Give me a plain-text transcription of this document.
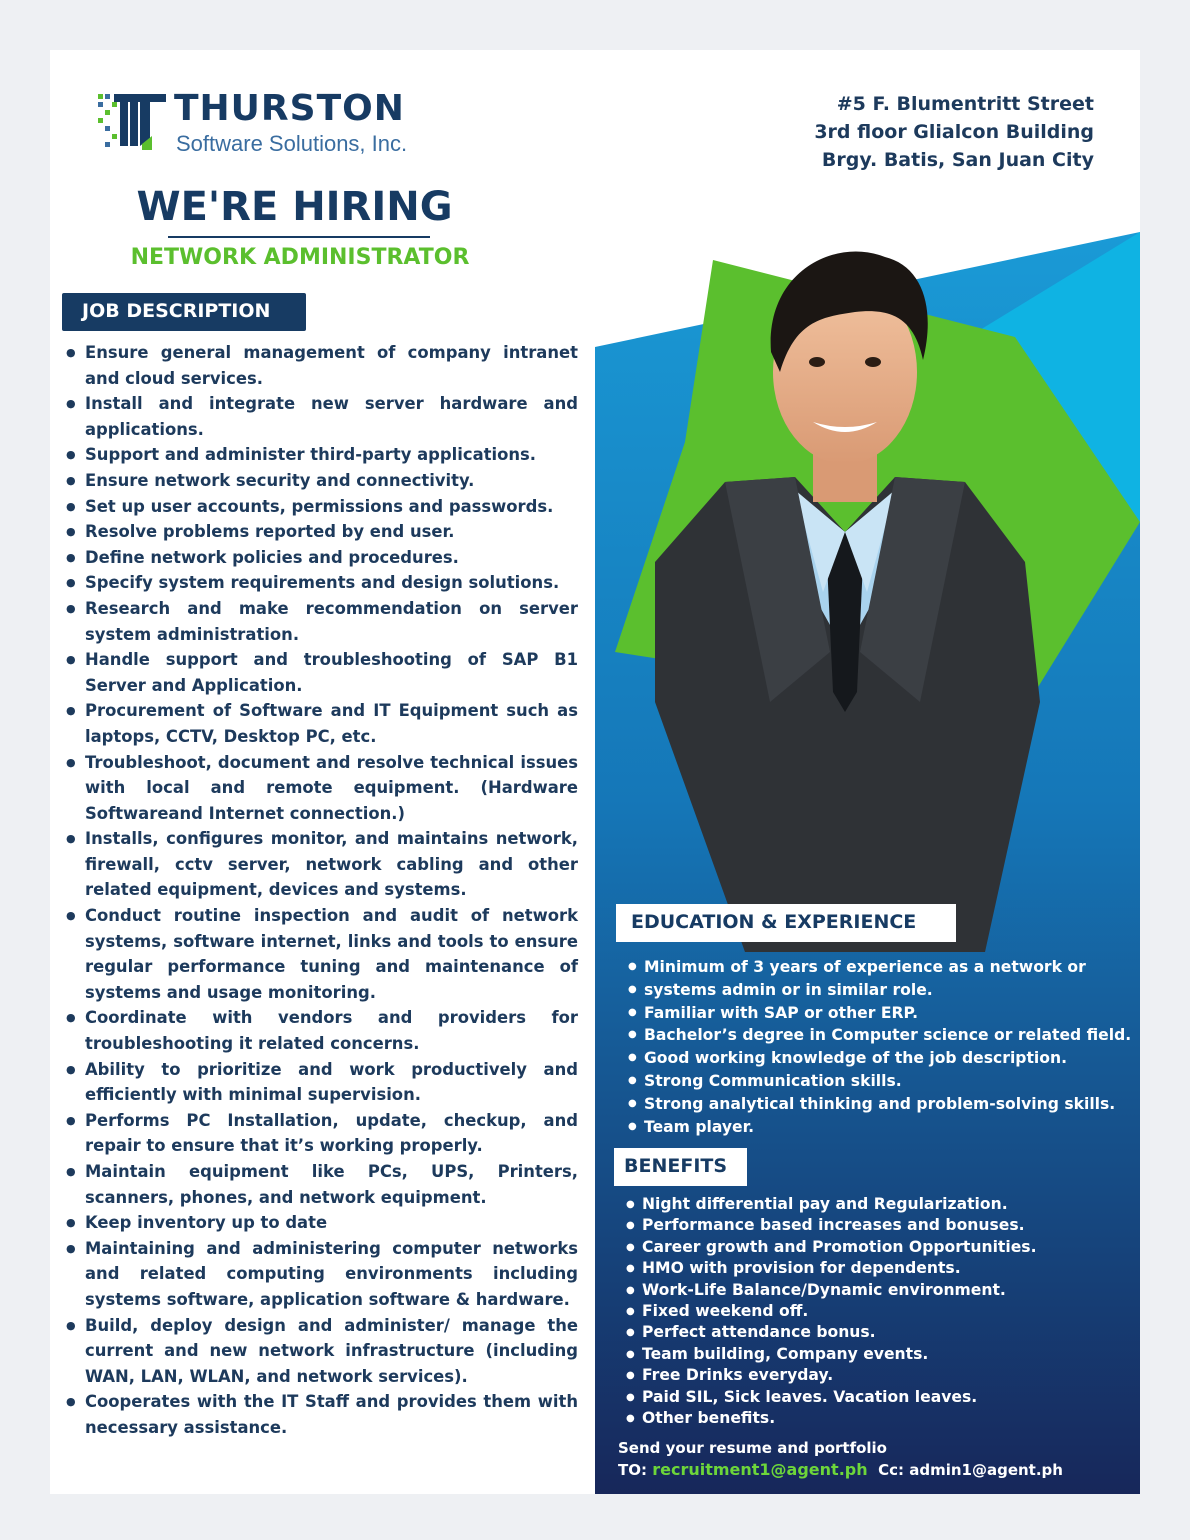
THURSTON
Software Solutions, Inc.
#5 F. Blumentritt Street
3rd floor Glialcon Building
Brgy. Batis, San Juan City
WE'RE HIRING
NETWORK ADMINISTRATOR
JOB DESCRIPTION
● Ensure general management of company intranet and cloud services.
● Install and integrate new server hardware and applications.
● Support and administer third-party applications.
● Ensure network security and connectivity.
● Set up user accounts, permissions and passwords.
● Resolve problems reported by end user.
● Define network policies and procedures.
● Specify system requirements and design solutions.
● Research and make recommendation on server system administration.
● Handle support and troubleshooting of SAP B1 Server and Application.
● Procurement of Software and IT Equipment such as laptops, CCTV, Desktop PC, etc.
● Troubleshoot, document and resolve technical issues with local and remote equipment. (Hardware Softwareand Internet connection.)
● Installs, configures monitor, and maintains network, firewall, cctv server, network cabling and other related equipment, devices and systems.
● Conduct routine inspection and audit of network systems, software internet, links and tools to ensure regular performance tuning and maintenance of systems and usage monitoring.
● Coordinate with vendors and providers for troubleshooting it related concerns.
● Ability to prioritize and work productively and efficiently with minimal supervision.
● Performs PC Installation, update, checkup, and repair to ensure that it’s working properly.
● Maintain equipment like PCs, UPS, Printers, scanners, phones, and network equipment.
● Keep inventory up to date
● Maintaining and administering computer networks and related computing environments including systems software, application software & hardware.
● Build, deploy design and administer/ manage the current and new network infrastructure (including WAN, LAN, WLAN, and network services).
● Cooperates with the IT Staff and provides them with necessary assistance.
EDUCATION & EXPERIENCE
● Minimum of 3 years of experience as a network or
● systems admin or in similar role.
● Familiar with SAP or other ERP.
● Bachelor’s degree in Computer science or related field.
● Good working knowledge of the job description.
● Strong Communication skills.
● Strong analytical thinking and problem-solving skills.
● Team player.
BENEFITS
● Night differential pay and Regularization.
● Performance based increases and bonuses.
● Career growth and Promotion Opportunities.
● HMO with provision for dependents.
● Work-Life Balance/Dynamic environment.
● Fixed weekend off.
● Perfect attendance bonus.
● Team building, Company events.
● Free Drinks everyday.
● Paid SIL, Sick leaves. Vacation leaves.
● Other benefits.
Send your resume and portfolio
TO: recruitment1@agent.ph Cc: admin1@agent.ph
